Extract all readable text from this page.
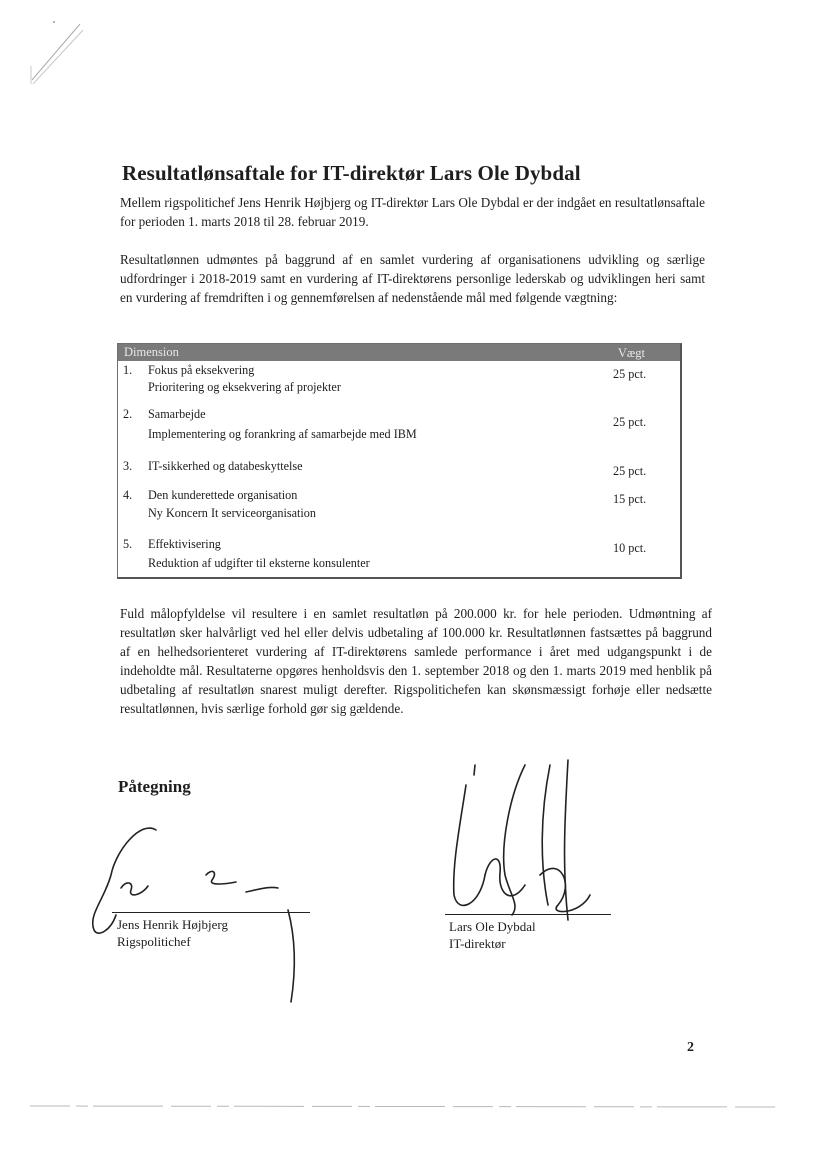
Resultatlønsaftale for IT-direktør Lars Ole Dybdal

Mellem rigspolitichef Jens Henrik Højbjerg og IT-direktør Lars Ole Dybdal er der indgået en resultatlønsaftale for perioden 1. marts 2018 til 28. februar 2019.

Resultatlønnen udmøntes på baggrund af en samlet vurdering af organisationens udvikling og særlige udfordringer i 2018-2019 samt en vurdering af IT-direktørens personlige lederskab og udviklingen heri samt en vurdering af fremdriften i og gennemførelsen af nedenstående mål med følgende vægtning:

Dimension	Vægt
1. Fokus på eksekvering
Prioritering og eksekvering af projekter
25 pct.
2. Samarbejde
Implementering og forankring af samarbejde med IBM
25 pct.
3. IT-sikkerhed og databeskyttelse	25 pct.
4. Den kunderettede organisation
Ny Koncern It serviceorganisation
15 pct.
5. Effektivisering
Reduktion af udgifter til eksterne konsulenter
10 pct.

Fuld målopfyldelse vil resultere i en samlet resultatløn på 200.000 kr. for hele perioden. Udmøntning af resultatløn sker halvårligt ved hel eller delvis udbetaling af 100.000 kr. Resultatlønnen fastsættes på baggrund af en helhedsorienteret vurdering af IT-direktørens samlede performance i året med udgangspunkt i de indeholdte mål. Resultaterne opgøres henholdsvis den 1. september 2018 og den 1. marts 2019 med henblik på udbetaling af resultatløn snarest muligt derefter. Rigspolitichefen kan skønsmæssigt forhøje eller nedsætte resultatlønnen, hvis særlige forhold gør sig gældende.

Påtegning

Jens Henrik Højbjerg

Rigspolitichef

Lars Ole Dybdal

IT-direktør

2
